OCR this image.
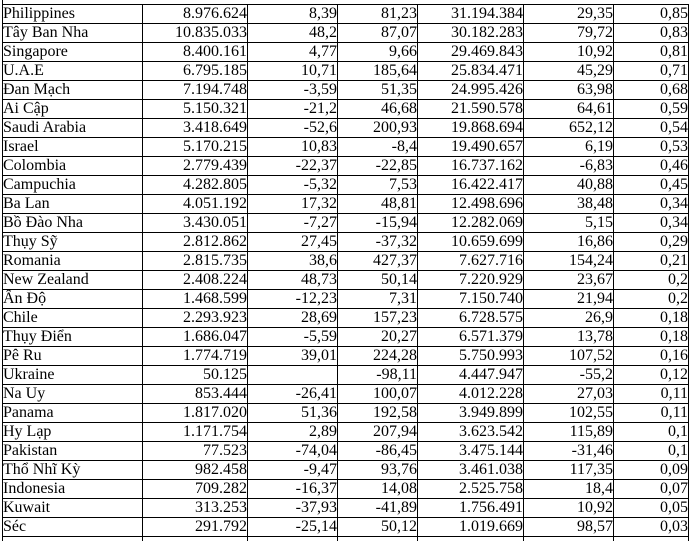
Philippines	8.976.624	8,39	81,23	31.194.384	29,35	0,85
Tây Ban Nha	10.835.033	48,2	87,07	30.182.283	79,72	0,83
Singapore	8.400.161	4,77	9,66	29.469.843	10,92	0,81
U.A.E	6.795.185	10,71	185,64	25.834.471	45,29	0,71
Đan Mạch	7.194.748	-3,59	51,35	24.995.426	63,98	0,68
Ai Cập	5.150.321	-21,2	46,68	21.590.578	64,61	0,59
Saudi Arabia	3.418.649	-52,6	200,93	19.868.694	652,12	0,54
Israel	5.170.215	10,83	-8,4	19.490.657	6,19	0,53
Colombia	2.779.439	-22,37	-22,85	16.737.162	-6,83	0,46
Campuchia	4.282.805	-5,32	7,53	16.422.417	40,88	0,45
Ba Lan	4.051.192	17,32	48,81	12.498.696	38,48	0,34
Bồ Đào Nha	3.430.051	-7,27	-15,94	12.282.069	5,15	0,34
Thụy Sỹ	2.812.862	27,45	-37,32	10.659.699	16,86	0,29
Romania	2.815.735	38,6	427,37	7.627.716	154,24	0,21
New Zealand	2.408.224	48,73	50,14	7.220.929	23,67	0,2
Ấn Độ	1.468.599	-12,23	7,31	7.150.740	21,94	0,2
Chile	2.293.923	28,69	157,23	6.728.575	26,9	0,18
Thụy Điển	1.686.047	-5,59	20,27	6.571.379	13,78	0,18
Pê Ru	1.774.719	39,01	224,28	5.750.993	107,52	0,16
Ukraine	50.125		-98,11	4.447.947	-55,2	0,12
Na Uy	853.444	-26,41	100,07	4.012.228	27,03	0,11
Panama	1.817.020	51,36	192,58	3.949.899	102,55	0,11
Hy Lạp	1.171.754	2,89	207,94	3.623.542	115,89	0,1
Pakistan	77.523	-74,04	-86,45	3.475.144	-31,46	0,1
Thổ Nhĩ Kỳ	982.458	-9,47	93,76	3.461.038	117,35	0,09
Indonesia	709.282	-16,37	14,08	2.525.758	18,4	0,07
Kuwait	313.253	-37,93	-41,89	1.756.491	10,92	0,05
Séc	291.792	-25,14	50,12	1.019.669	98,57	0,03
